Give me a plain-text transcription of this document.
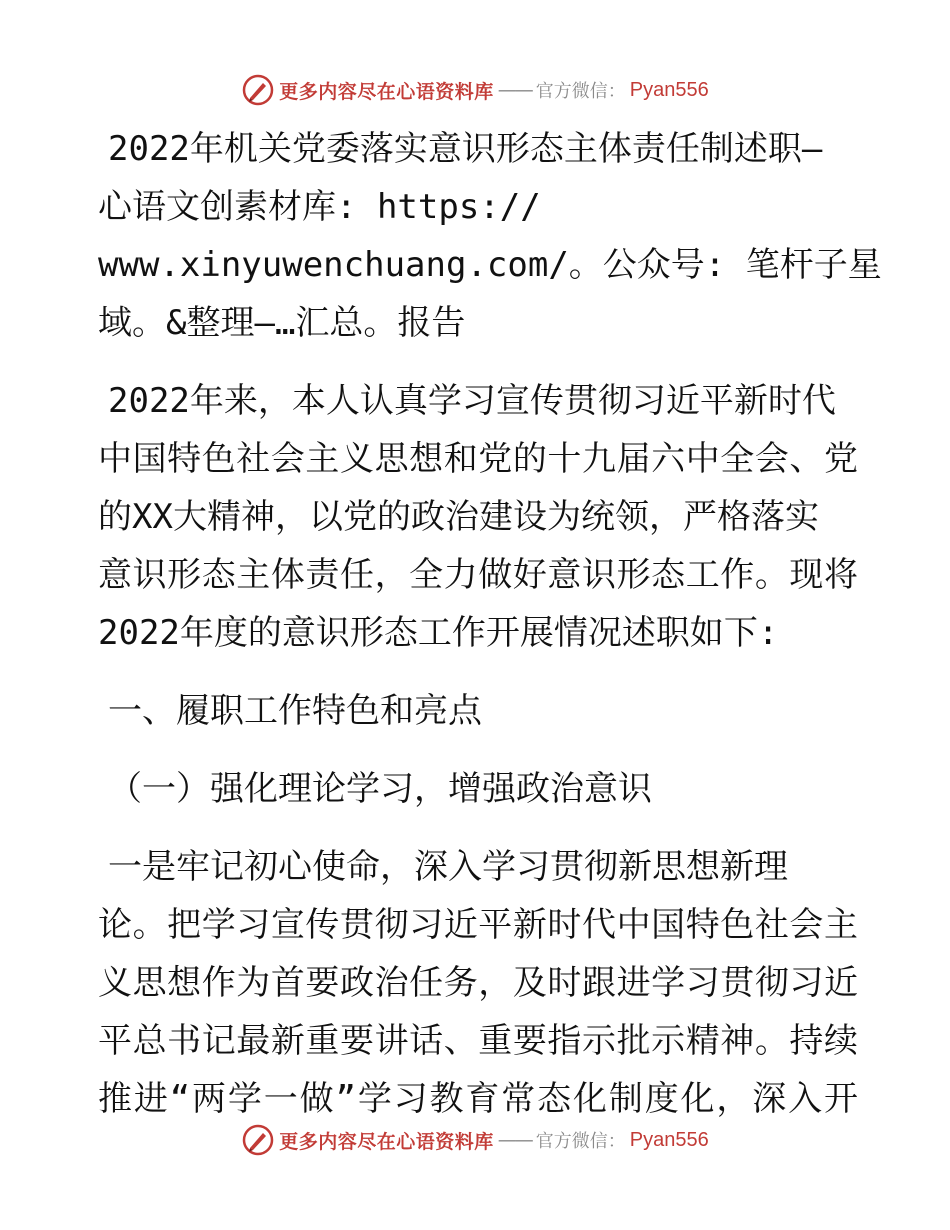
更多内容尽在心语资料库 —— 官方微信： Pyan556
2022年机关党委落实意识形态主体责任制述职—
心语文创素材库: https://
www.xinyuwenchuang.com/。公众号: 笔杆子星
域。&整理—…汇总。报告
2022年来，本人认真学习宣传贯彻习近平新时代
中国特色社会主义思想和党的十九届六中全会、党
的XX大精神，以党的政治建设为统领，严格落实
意识形态主体责任，全力做好意识形态工作。现将
2022年度的意识形态工作开展情况述职如下:
一、履职工作特色和亮点
（一）强化理论学习，增强政治意识
一是牢记初心使命，深入学习贯彻新思想新理
论。把学习宣传贯彻习近平新时代中国特色社会主
义思想作为首要政治任务，及时跟进学习贯彻习近
平总书记最新重要讲话、重要指示批示精神。持续
推进“两学一做”学习教育常态化制度化，深入开
更多内容尽在心语资料库 —— 官方微信： Pyan556
